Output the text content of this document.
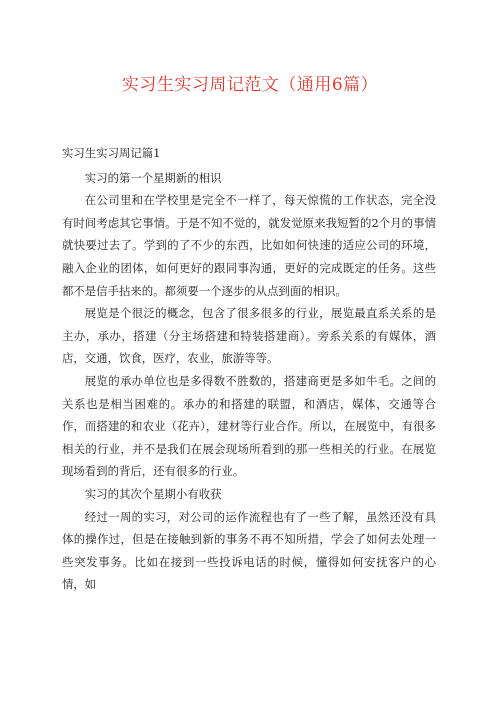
实习生实习周记范文（通用6篇）

实习生实习周记篇1

实习的第一个星期新的相识

在公司里和在学校里是完全不一样了，每天惊慌的工作状态，完全没有时间考虑其它事情。于是不知不觉的，就发觉原来我短暂的2个月的事情就快要过去了。学到的了不少的东西，比如如何快速的适应公司的环境，融入企业的团体，如何更好的跟同事沟通，更好的完成既定的任务。这些都不是信手拈来的。都须要一个逐步的从点到面的相识。

展览是个很泛的概念，包含了很多很多的行业，展览最直系关系的是主办，承办，搭建（分主场搭建和特装搭建商）。旁系关系的有媒体，酒店，交通，饮食，医疗，农业，旅游等等。

展览的承办单位也是多得数不胜数的，搭建商更是多如牛毛。之间的关系也是相当困难的。承办的和搭建的联盟，和酒店，媒体，交通等合作，而搭建的和农业（花卉），建材等行业合作。所以，在展览中，有很多相关的行业，并不是我们在展会现场所看到的那一些相关的行业。在展览现场看到的背后，还有很多的行业。

实习的其次个星期小有收获

经过一周的实习，对公司的运作流程也有了一些了解，虽然还没有具体的操作过，但是在接触到新的事务不再不知所措，学会了如何去处理一些突发事务。比如在接到一些投诉电话的时候，懂得如何安抚客户的心情，如
